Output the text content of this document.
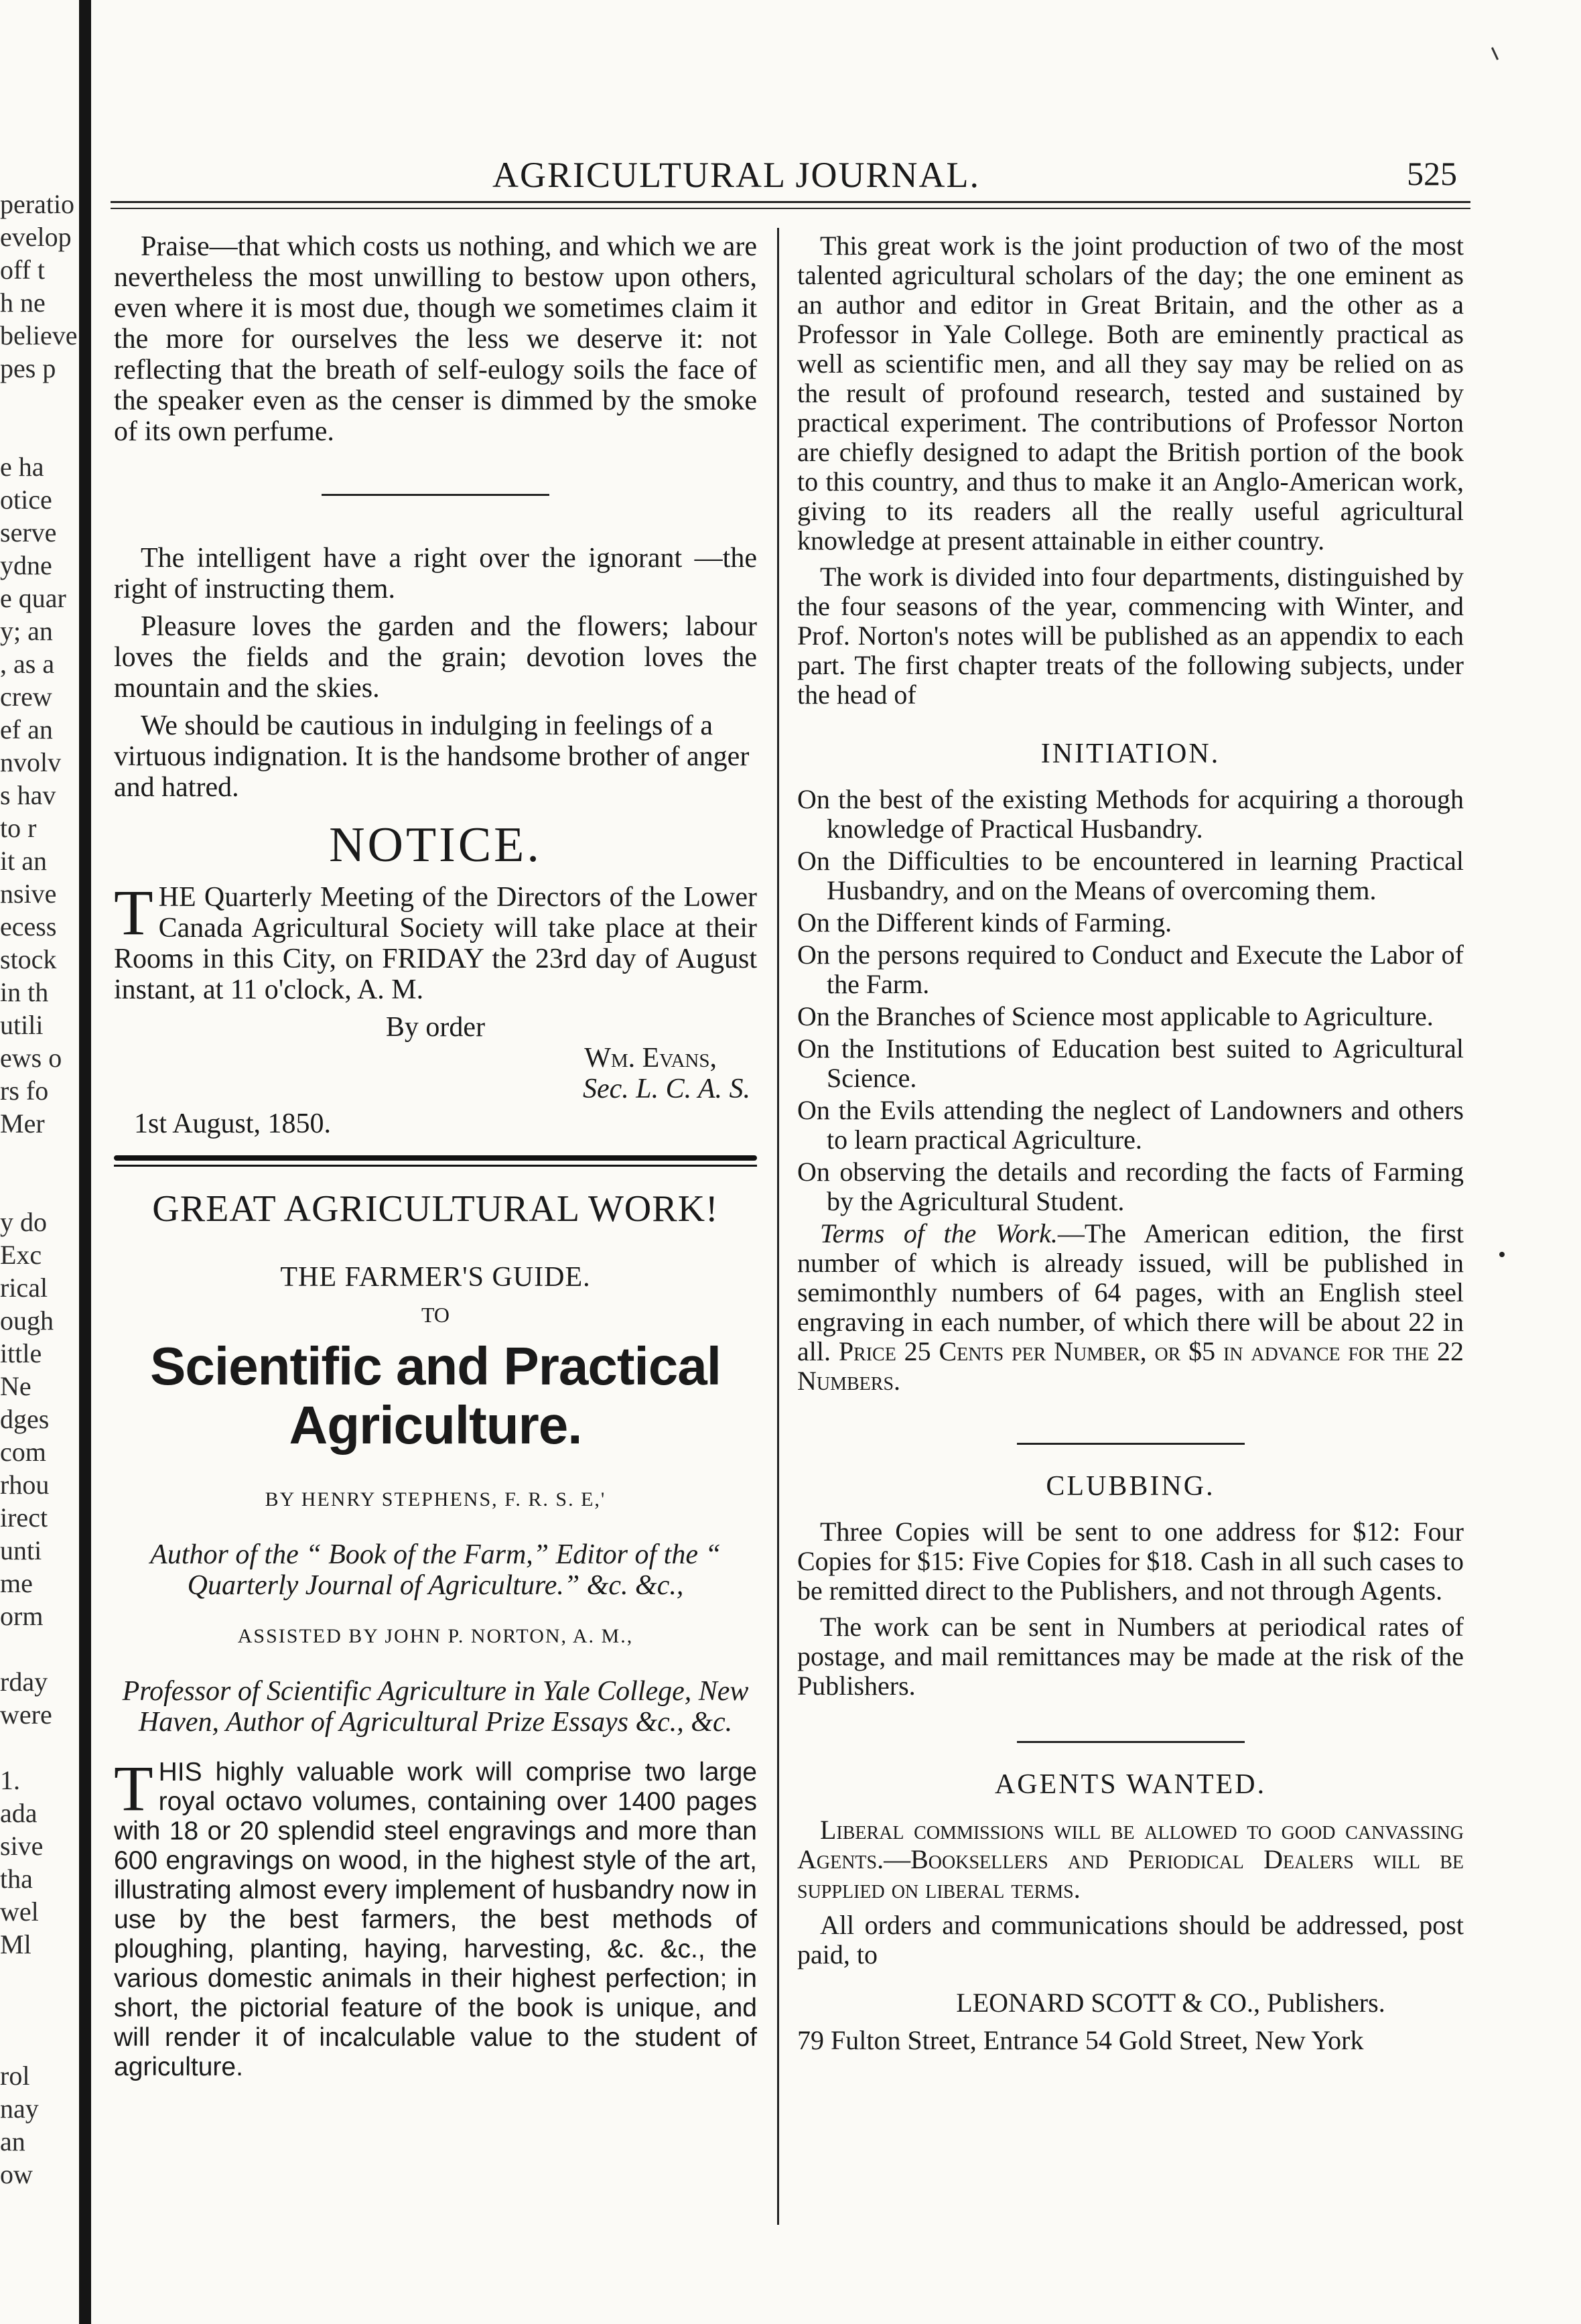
peratio
evelop
off t
h ne
believe
pes p

e ha
otice
serve
ydne
e quar
y; an
, as a
crew
ef an
nvolv
s hav
to r
it an
nsive
ecess
stock
in th
utili
ews o
rs fo
Mer

y do
Exc
rical
ough
ittle
Ne
dges
com
rhou
irect
unti
me
orm

rday
were

1.
ada
sive
tha
wel
Ml

rol
nay
an
ow
AGRICULTURAL JOURNAL.	525

Praise—that which costs us nothing, and which we are nevertheless the most unwilling to bestow upon others, even where it is most due, though we sometimes claim it the more for ourselves the less we deserve it: not reflecting that the breath of self-eulogy soils the face of the speaker even as the censer is dimmed by the smoke of its own perfume.

The intelligent have a right over the ignorant —the right of instructing them.

Pleasure loves the garden and the flowers; labour loves the fields and the grain; devotion loves the mountain and the skies.

We should be cautious in indulging in feelings of a virtuous indignation. It is the handsome brother of anger and hatred.

NOTICE.

THE Quarterly Meeting of the Directors of the Lower Canada Agricultural Society will take place at their Rooms in this City, on FRIDAY the 23rd day of August instant, at 11 o'clock, A. M.

By order

Wm. Evans,

Sec. L. C. A. S.

1st August, 1850.

GREAT AGRICULTURAL WORK!
THE FARMER'S GUIDE.
TO
Scientific and Practical Agriculture.
BY HENRY STEPHENS, F. R. S. E,'
Author of the “ Book of the Farm,” Editor of the “ Quarterly Journal of Agriculture.” &c. &c.,
ASSISTED BY JOHN P. NORTON, A. M.,
Professor of Scientific Agriculture in Yale College, New Haven, Author of Agricultural Prize Essays &c., &c.

THIS highly valuable work will comprise two large royal octavo volumes, containing over 1400 pages with 18 or 20 splendid steel engravings and more than 600 engravings on wood, in the highest style of the art, illustrating almost every implement of husbandry now in use by the best farmers, the best methods of ploughing, planting, haying, harvesting, &c. &c., the various domestic animals in their highest perfection; in short, the pictorial feature of the book is unique, and will render it of incalculable value to the student of agriculture.

This great work is the joint production of two of the most talented agricultural scholars of the day; the one eminent as an author and editor in Great Britain, and the other as a Professor in Yale College. Both are eminently practical as well as scientific men, and all they say may be relied on as the result of profound research, tested and sustained by practical experiment. The contributions of Professor Norton are chiefly designed to adapt the British portion of the book to this country, and thus to make it an Anglo-American work, giving to its readers all the really useful agricultural knowledge at present attainable in either country.

The work is divided into four departments, distinguished by the four seasons of the year, commencing with Winter, and Prof. Norton's notes will be published as an appendix to each part. The first chapter treats of the following subjects, under the head of

INITIATION.

On the best of the existing Methods for acquiring a thorough knowledge of Practical Husbandry.

On the Difficulties to be encountered in learning Practical Husbandry, and on the Means of overcoming them.

On the Different kinds of Farming.

On the persons required to Conduct and Execute the Labor of the Farm.

On the Branches of Science most applicable to Agriculture.

On the Institutions of Education best suited to Agricultural Science.

On the Evils attending the neglect of Landowners and others to learn practical Agriculture.

On observing the details and recording the facts of Farming by the Agricultural Student.

Terms of the Work.—The American edition, the first number of which is already issued, will be published in semimonthly numbers of 64 pages, with an English steel engraving in each number, of which there will be about 22 in all. Price 25 Cents per Number, or $5 in advance for the 22 Numbers.

CLUBBING.

Three Copies will be sent to one address for $12: Four Copies for $15: Five Copies for $18. Cash in all such cases to be remitted direct to the Publishers, and not through Agents.

The work can be sent in Numbers at periodical rates of postage, and mail remittances may be made at the risk of the Publishers.

AGENTS WANTED.

Liberal commissions will be allowed to good canvassing Agents.—Booksellers and Periodical Dealers will be supplied on liberal terms.

All orders and communications should be addressed, post paid, to

LEONARD SCOTT & CO., Publishers.

79 Fulton Street, Entrance 54 Gold Street, New York
